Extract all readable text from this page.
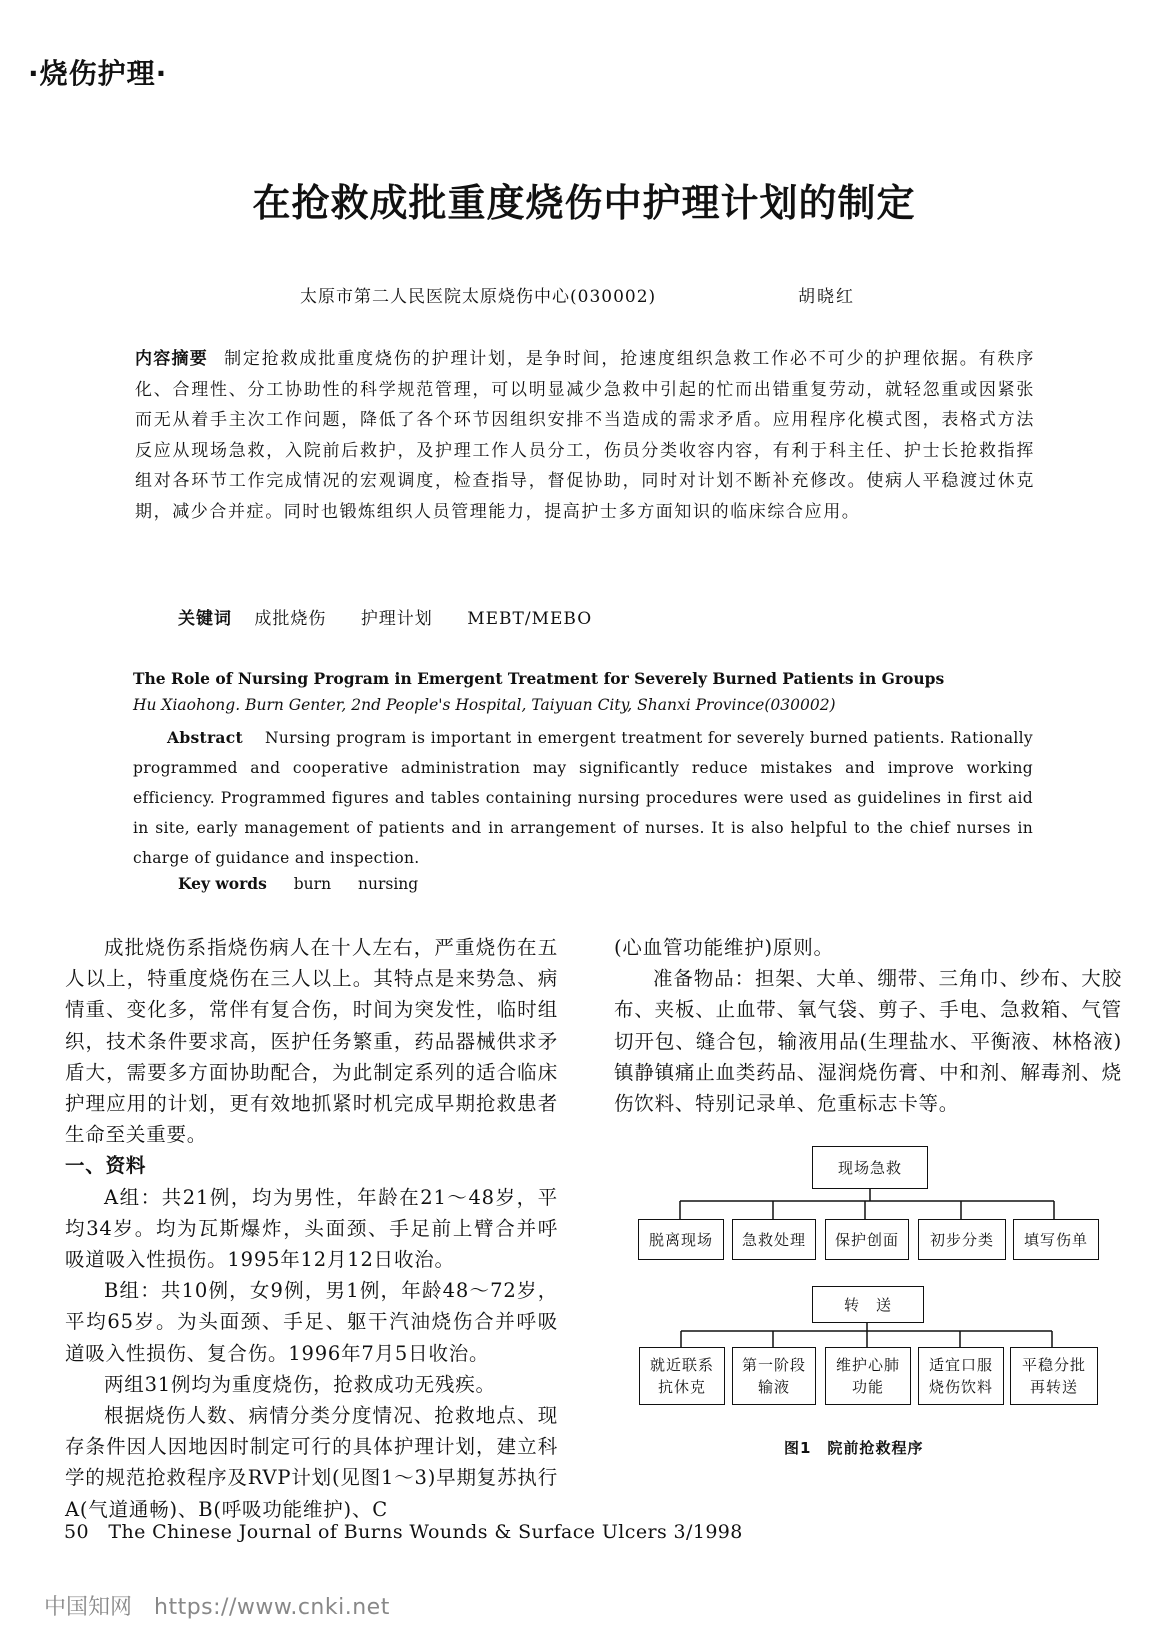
·烧伤护理·
在抢救成批重度烧伤中护理计划的制定
太原市第二人民医院太原烧伤中心(030002)	胡晓红
内容摘要 制定抢救成批重度烧伤的护理计划，是争时间，抢速度组织急救工作必不可少的护理依据。有秩序化、合理性、分工协助性的科学规范管理，可以明显减少急救中引起的忙而出错重复劳动，就轻忽重或因紧张而无从着手主次工作问题，降低了各个环节因组织安排不当造成的需求矛盾。应用程序化模式图，表格式方法反应从现场急救，入院前后救护，及护理工作人员分工，伤员分类收容内容，有利于科主任、护士长抢救指挥组对各环节工作完成情况的宏观调度，检查指导，督促协助，同时对计划不断补充修改。使病人平稳渡过休克期，减少合并症。同时也锻炼组织人员管理能力，提高护士多方面知识的临床综合应用。
关键词 成批烧伤 护理计划 MEBT/MEBO
The Role of Nursing Program in Emergent Treatment for Severely Burned Patients in Groups
Hu Xiaohong. Burn Genter, 2nd People's Hospital, Taiyuan City, Shanxi Province(030002)
Abstract Nursing program is important in emergent treatment for severely burned patients. Rationally programmed and cooperative administration may significantly reduce mistakes and improve working efficiency. Programmed figures and tables containing nursing procedures were used as guidelines in first aid in site, early management of patients and in arrangement of nurses. It is also helpful to the chief nurses in charge of guidance and inspection.
Key words burn nursing

成批烧伤系指烧伤病人在十人左右，严重烧伤在五人以上，特重度烧伤在三人以上。其特点是来势急、病情重、变化多，常伴有复合伤，时间为突发性，临时组织，技术条件要求高，医护任务繁重，药品器械供求矛盾大，需要多方面协助配合，为此制定系列的适合临床护理应用的计划，更有效地抓紧时机完成早期抢救患者生命至关重要。

一、资料

A组：共21例，均为男性，年龄在21～48岁，平均34岁。均为瓦斯爆炸，头面颈、手足前上臂合并呼吸道吸入性损伤。1995年12月12日收治。

B组：共10例，女9例，男1例，年龄48～72岁，平均65岁。为头面颈、手足、躯干汽油烧伤合并呼吸道吸入性损伤、复合伤。1996年7月5日收治。

两组31例均为重度烧伤，抢救成功无残疾。

根据烧伤人数、病情分类分度情况、抢救地点、现存条件因人因地因时制定可行的具体护理计划，建立科学的规范抢救程序及RVP计划(见图1～3)早期复苏执行A(气道通畅)、B(呼吸功能维护)、C

(心血管功能维护)原则。

准备物品：担架、大单、绷带、三角巾、纱布、大胶布、夹板、止血带、氧气袋、剪子、手电、急救箱、气管切开包、缝合包，输液用品(生理盐水、平衡液、林格液)镇静镇痛止血类药品、湿润烧伤膏、中和剂、解毒剂、烧伤饮料、特别记录单、危重标志卡等。

现场急救
脱离现场	急救处理	保护创面	初步分类	填写伤单
转　送
就近联系
抗休克
第一阶段
输液
维护心肺
功能
适宜口服
烧伤饮料
平稳分批
再转送
图1　院前抢救程序
50　The Chinese Journal of Burns Wounds & Surface Ulcers 3/1998
中国知网 https://www.cnki.net
